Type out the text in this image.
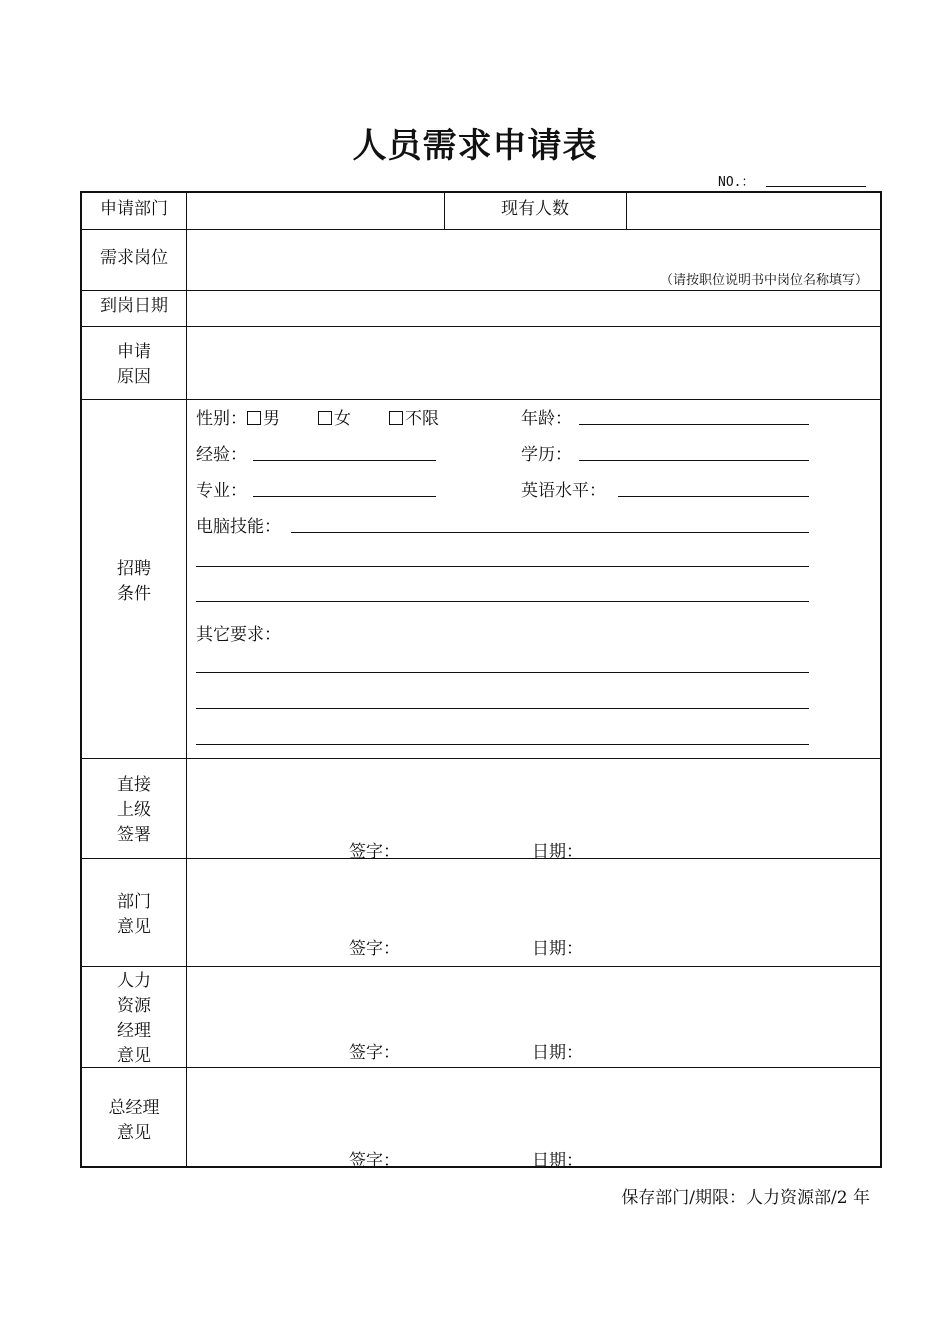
人员需求申请表
NO.：
申请部门	现有人数
需求岗位
（请按职位说明书中岗位名称填写）
到岗日期
申请
原因
招聘
条件
性别： 男	女	不限	年龄：
经验：	学历：
专业：	英语水平：
电脑技能：
其它要求：
直接
上级
签署
签字：	日期：
部门
意见
签字：	日期：
人力
资源
经理
意见	签字：	日期：
总经理
意见
签字：	日期：
保存部门/期限：人力资源部/2 年
